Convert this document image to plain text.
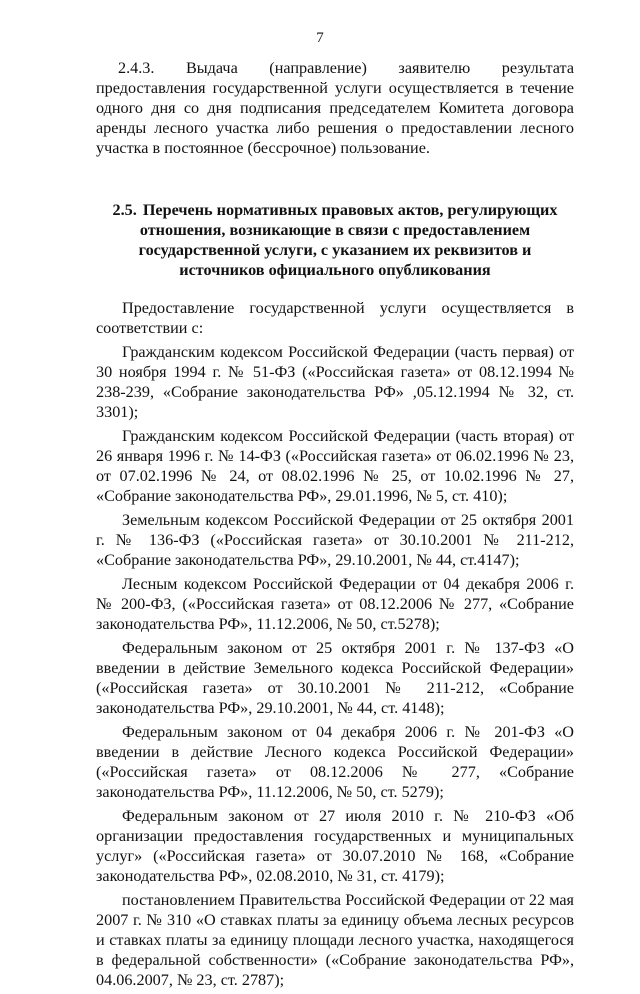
7

2.4.3. Выдача (направление) заявителю результата предоставления государственной услуги осуществляется в течение одного дня со дня подписания председателем Комитета договора аренды лесного участка либо решения о предоставлении лесного участка в постоянное (бессрочное) пользование.

2.5. Перечень нормативных правовых актов, регулирующих отношения, возникающие в связи с предоставлением государственной услуги, с указанием их реквизитов и источников официального опубликования

Предоставление государственной услуги осуществляется в соответствии с:

Гражданским кодексом Российской Федерации (часть первая) от 30 ноября 1994 г. № 51-ФЗ («Российская газета» от 08.12.1994 № 238-239, «Собрание законодательства РФ» ,05.12.1994 № 32, ст. 3301);

Гражданским кодексом Российской Федерации (часть вторая) от 26 января 1996 г. № 14-ФЗ («Российская газета» от 06.02.1996 № 23, от 07.02.1996 № 24, от 08.02.1996 № 25, от 10.02.1996 № 27, «Собрание законодательства РФ», 29.01.1996, № 5, ст. 410);

Земельным кодексом Российской Федерации от 25 октября 2001 г. № 136-ФЗ («Российская газета» от 30.10.2001 № 211-212, «Собрание законодательства РФ», 29.10.2001, № 44, ст.4147);

Лесным кодексом Российской Федерации от 04 декабря 2006 г. № 200-ФЗ, («Российская газета» от 08.12.2006 № 277, «Собрание законодательства РФ», 11.12.2006, № 50, ст.5278);

Федеральным законом от 25 октября 2001 г. № 137-ФЗ «О введении в действие Земельного кодекса Российской Федерации» («Российская газета» от 30.10.2001 № 211-212, «Собрание законодательства РФ», 29.10.2001, № 44, ст. 4148);

Федеральным законом от 04 декабря 2006 г. № 201-ФЗ «О введении в действие Лесного кодекса Российской Федерации» («Российская газета» от 08.12.2006 № 277, «Собрание законодательства РФ», 11.12.2006, № 50, ст. 5279);

Федеральным законом от 27 июля 2010 г. № 210-ФЗ «Об организации предоставления государственных и муниципальных услуг» («Российская газета» от 30.07.2010 № 168, «Собрание законодательства РФ», 02.08.2010, № 31, ст. 4179);

постановлением Правительства Российской Федерации от 22 мая 2007 г. № 310 «О ставках платы за единицу объема лесных ресурсов и ставках платы за единицу площади лесного участка, находящегося в федеральной собственности» («Собрание законодательства РФ», 04.06.2007, № 23, ст. 2787);
